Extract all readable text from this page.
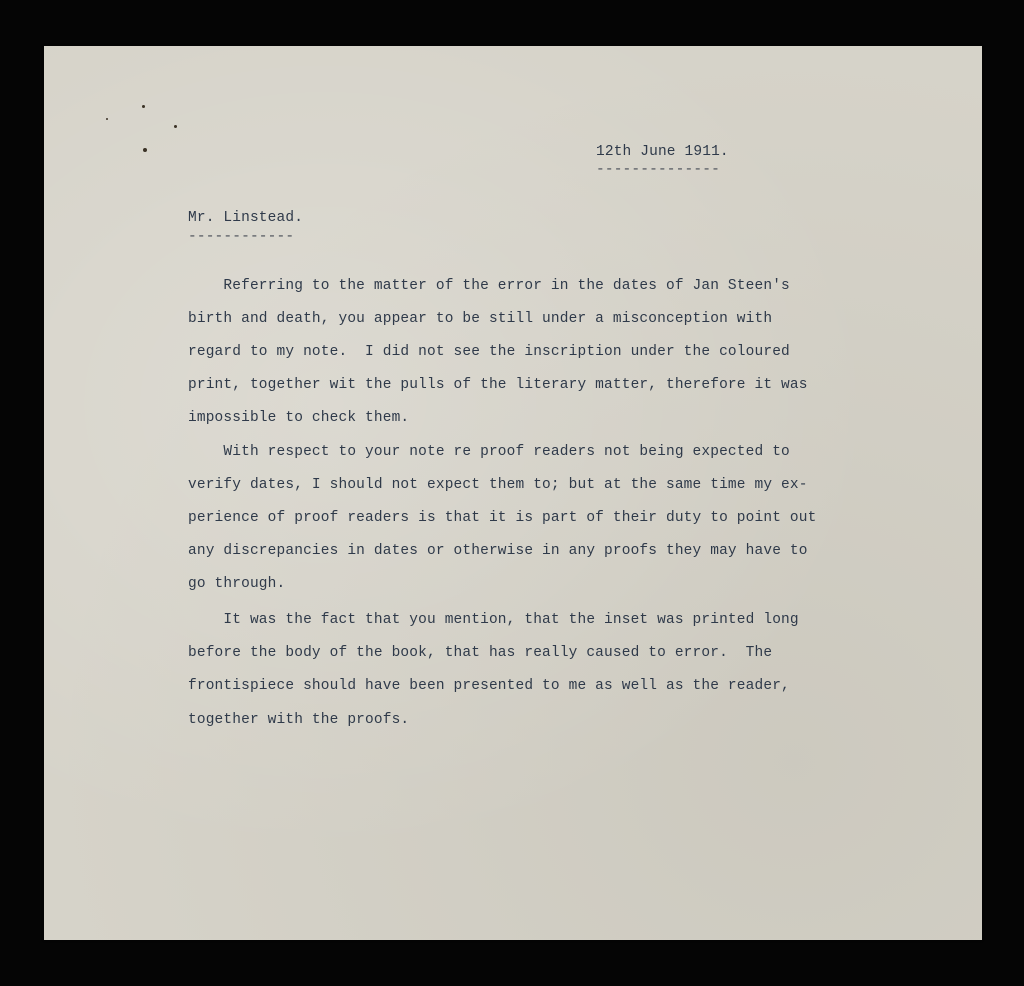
12th June 1911.
--------------
Mr. Linstead.
------------
Referring to the matter of the error in the dates of Jan Steen's
birth and death, you appear to be still under a misconception with
regard to my note.  I did not see the inscription under the coloured
print, together wit the pulls of the literary matter, therefore it was
impossible to check them.
With respect to your note re proof readers not being expected to
verify dates, I should not expect them to; but at the same time my ex-
perience of proof readers is that it is part of their duty to point out
any discrepancies in dates or otherwise in any proofs they may have to
go through.
It was the fact that you mention, that the inset was printed long
before the body of the book, that has really caused to error.  The
frontispiece should have been presented to me as well as the reader,
together with the proofs.
